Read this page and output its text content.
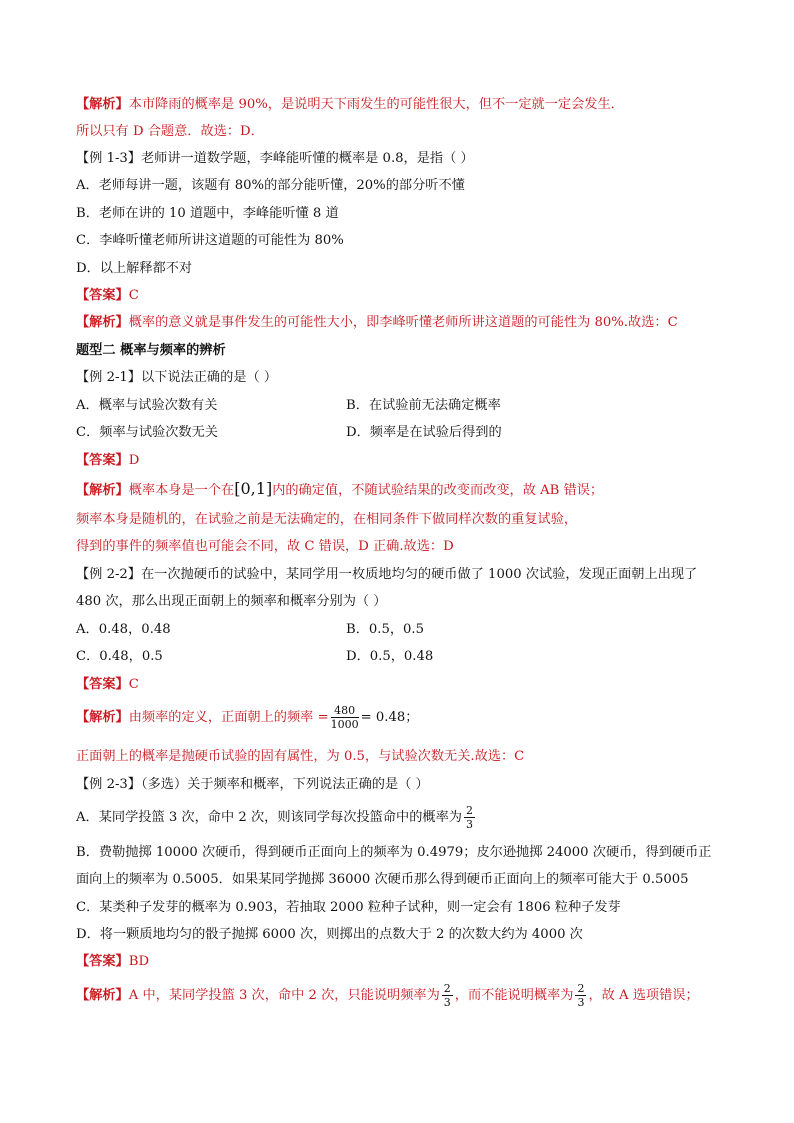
【解析】本市降雨的概率是 90%，是说明天下雨发生的可能性很大，但不一定就一定会发生．
所以只有 D 合题意．故选：D．
【例 1-3】老师讲一道数学题，李峰能听懂的概率是 0.8，是指（ ）
A．老师每讲一题，该题有 80%的部分能听懂，20%的部分听不懂
B．老师在讲的 10 道题中，李峰能听懂 8 道
C．李峰听懂老师所讲这道题的可能性为 80%
D．以上解释都不对
【答案】C
【解析】概率的意义就是事件发生的可能性大小，即李峰听懂老师所讲这道题的可能性为 80%.故选：C
题型二 概率与频率的辨析
【例 2-1】以下说法正确的是（ ）
A．概率与试验次数有关	B．在试验前无法确定概率
C．频率与试验次数无关	D．频率是在试验后得到的
【答案】D
【解析】概率本身是一个在[0,1]内的确定值，不随试验结果的改变而改变，故 AB 错误；
频率本身是随机的，在试验之前是无法确定的，在相同条件下做同样次数的重复试验，
得到的事件的频率值也可能会不同，故 C 错误，D 正确.故选：D
【例 2-2】在一次抛硬币的试验中，某同学用一枚质地均匀的硬币做了 1000 次试验，发现正面朝上出现了
480 次，那么出现正面朝上的频率和概率分别为（ ）
A．0.48，0.48	B．0.5，0.5
C．0.48，0.5	D．0.5，0.48
【答案】C
【解析】由频率的定义，正面朝上的频率 = $\frac{480}{1000} = 0.48$；
正面朝上的概率是抛硬币试验的固有属性，为 0.5，与试验次数无关.故选：C
【例 2-3】（多选）关于频率和概率，下列说法正确的是（ ）
A．某同学投篮 3 次，命中 2 次，则该同学每次投篮命中的概率为 $\frac{2}{3}$
B．费勒抛掷 10000 次硬币，得到硬币正面向上的频率为 0.4979；皮尔逊抛掷 24000 次硬币，得到硬币正
面向上的频率为 0.5005．如果某同学抛掷 36000 次硬币那么得到硬币正面向上的频率可能大于 0.5005
C．某类种子发芽的概率为 0.903，若抽取 2000 粒种子试种，则一定会有 1806 粒种子发芽
D．将一颗质地均匀的骰子抛掷 6000 次，则掷出的点数大于 2 的次数大约为 4000 次
【答案】BD
【解析】A 中，某同学投篮 3 次，命中 2 次，只能说明频率为 $\frac{2}{3}$ ，而不能说明概率为 $\frac{2}{3}$ ，故 A 选项错误；
